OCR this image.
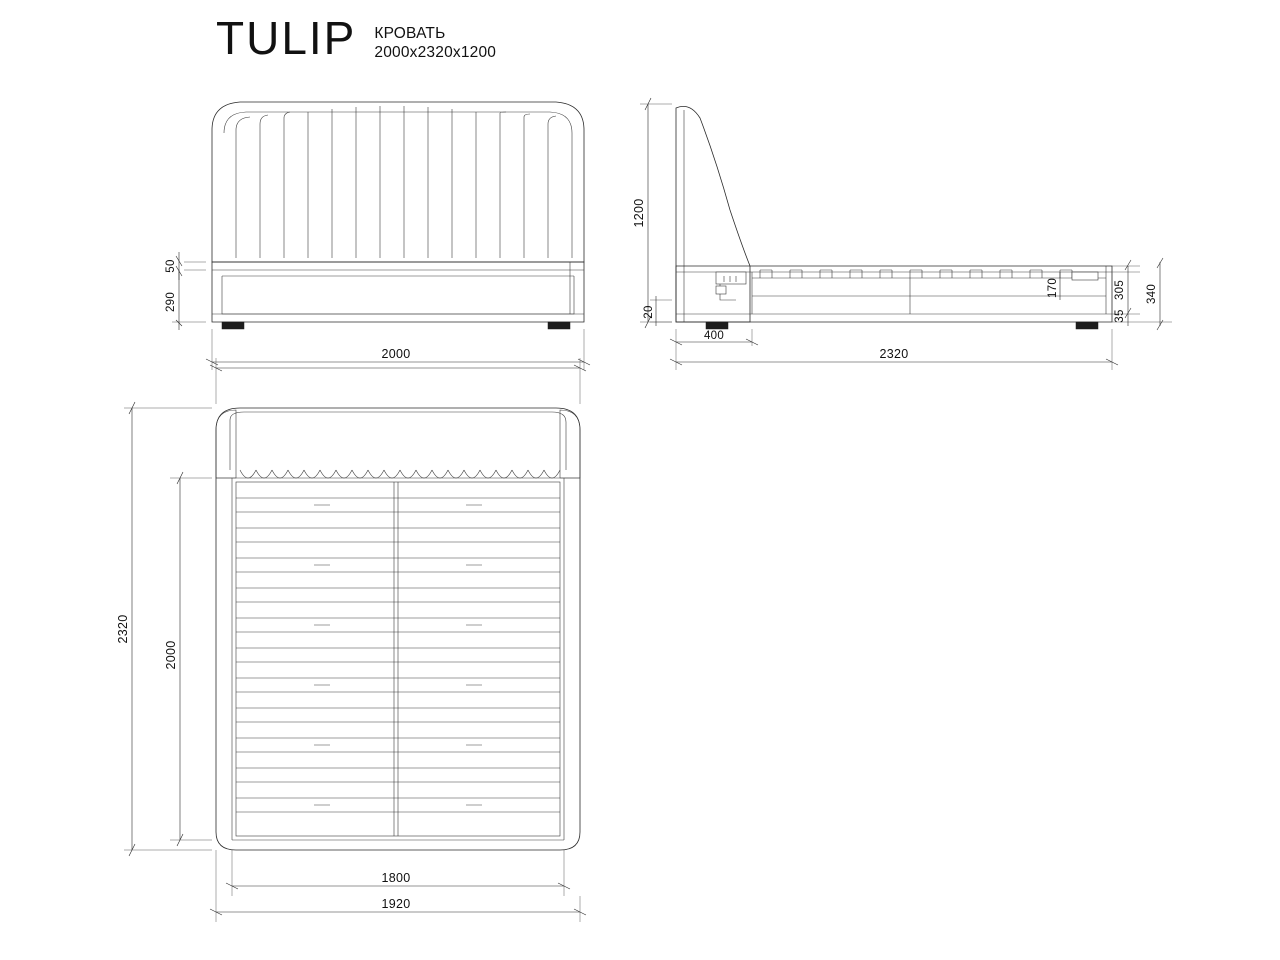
TULIP КРОВАТЬ
2000x2320x1200
50
290
2000
1200
20
400
2320
170	305
35
340
2320
2000
1800
1920
